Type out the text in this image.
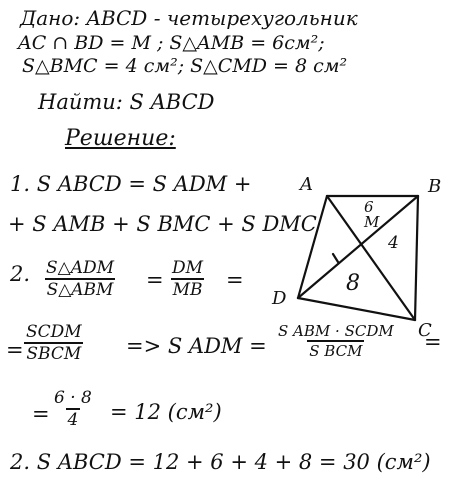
Дано: ABCD - четырехугольник
AC ∩ BD = M ; S△AMB = 6см²;
S△BMC = 4 см²; S△CMD = 8 см²
Найти: S ABCD
Решение:
1. S ABCD = S ADM +
+ S AMB + S BMC + S DMC
2. S△ADM
S△ABM = $\frac{DM}{MB}$ =
=
SCDM
SBCM => S ADM =
S ABM · SCDM
S BCM	=
= $\frac{6 \cdot 8}{4} = 12$ (см²)
2. S ABCD = 12 + 6 + 4 + 8 = 30 (см²)
A	B
C
D
M
6
4
8
